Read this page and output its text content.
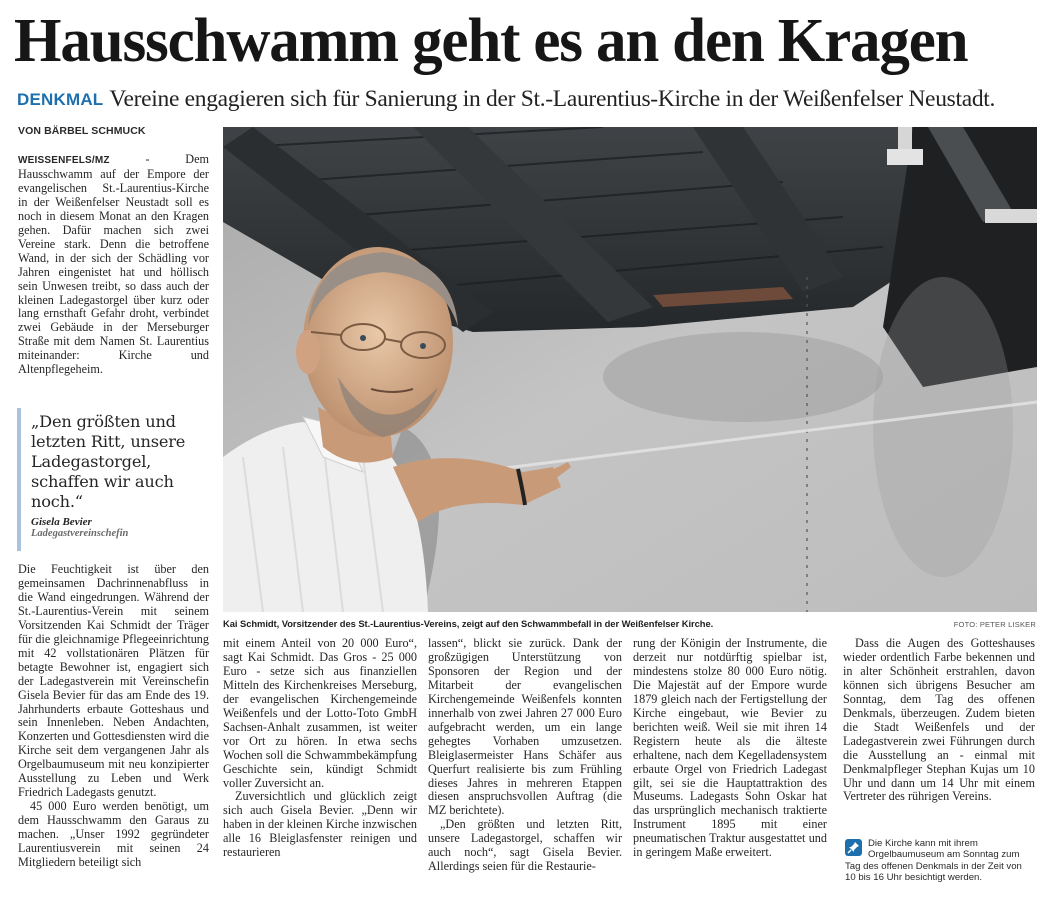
Hausschwamm geht es an den Kragen
DENKMAL Vereine engagieren sich für Sanierung in der St.-Laurentius-Kirche in der Weißenfelser Neustadt.
VON BÄRBEL SCHMUCK

WEISSENFELS/MZ - Dem Hausschwamm auf der Empore der evangelischen St.-Laurentius-Kirche in der Weißenfelser Neustadt soll es noch in diesem Monat an den Kragen gehen. Dafür machen sich zwei Vereine stark. Denn die betroffene Wand, in der sich der Schädling vor Jahren eingenistet hat und höllisch sein Unwesen treibt, so dass auch der kleinen Ladegastorgel über kurz oder lang ernsthaft Gefahr droht, verbindet zwei Gebäude in der Merseburger Straße mit dem Namen St. Laurentius miteinander: Kirche und Altenpflegeheim.

„Den größten und letzten Ritt, unsere Ladegastorgel, schaffen wir auch noch.“
Gisela Bevier
Ladegastvereinschefin

Die Feuchtigkeit ist über den gemeinsamen Dachrinnenabfluss in die Wand eingedrungen. Während der St.-Laurentius-Verein mit seinem Vorsitzenden Kai Schmidt der Träger für die gleichnamige Pflegeeinrichtung mit 42 vollstationären Plätzen für betagte Bewohner ist, engagiert sich der Ladegastverein mit Vereinschefin Gisela Bevier für das am Ende des 19. Jahrhunderts erbaute Gotteshaus und sein Innenleben. Neben Andachten, Konzerten und Gottesdiensten wird die Kirche seit dem vergangenen Jahr als Orgelbaumuseum mit neu konzipierter Ausstellung zu Leben und Werk Friedrich Ladegasts genutzt.

45 000 Euro werden benötigt, um dem Hausschwamm den Garaus zu machen. „Unser 1992 gegründeter Laurentiusverein mit seinen 24 Mitgliedern beteiligt sich

Kai Schmidt, Vorsitzender des St.-Laurentius-Vereins, zeigt auf den Schwammbefall in der Weißenfelser Kirche.	FOTO: PETER LISKER

mit einem Anteil von 20 000 Euro“, sagt Kai Schmidt. Das Gros - 25 000 Euro - setze sich aus finanziellen Mitteln des Kirchenkreises Merseburg, der evangelischen Kirchengemeinde Weißenfels und der Lotto-Toto GmbH Sachsen-Anhalt zusammen, ist weiter vor Ort zu hören. In etwa sechs Wochen soll die Schwammbekämpfung Geschichte sein, kündigt Schmidt voller Zuversicht an.

Zuversichtlich und glücklich zeigt sich auch Gisela Bevier. „Denn wir haben in der kleinen Kirche inzwischen alle 16 Bleiglasfenster reinigen und restaurieren

lassen“, blickt sie zurück. Dank der großzügigen Unterstützung von Sponsoren der Region und der Mitarbeit der evangelischen Kirchengemeinde Weißenfels konnten innerhalb von zwei Jahren 27 000 Euro aufgebracht werden, um ein lange gehegtes Vorhaben umzusetzen. Bleiglasermeister Hans Schäfer aus Querfurt realisierte bis zum Frühling dieses Jahres in mehreren Etappen diesen anspruchsvollen Auftrag (die MZ berichtete).

„Den größten und letzten Ritt, unsere Ladegastorgel, schaffen wir auch noch“, sagt Gisela Bevier. Allerdings seien für die Restaurie-

rung der Königin der Instrumente, die derzeit nur notdürftig spielbar ist, mindestens stolze 80 000 Euro nötig. Die Majestät auf der Empore wurde 1879 gleich nach der Fertigstellung der Kirche eingebaut, wie Bevier zu berichten weiß. Weil sie mit ihren 14 Registern heute als die älteste erhaltene, nach dem Kegelladensystem erbaute Orgel von Friedrich Ladegast gilt, sei sie die Hauptattraktion des Museums. Ladegasts Sohn Oskar hat das ursprünglich mechanisch traktierte Instrument 1895 mit einer pneumatischen Traktur ausgestattet und in geringem Maße erweitert.

Dass die Augen des Gotteshauses wieder ordentlich Farbe bekennen und in alter Schönheit erstrahlen, davon können sich übrigens Besucher am Sonntag, dem Tag des offenen Denkmals, überzeugen. Zudem bieten die Stadt Weißenfels und der Ladegastverein zwei Führungen durch die Ausstellung an - einmal mit Denkmalpfleger Stephan Kujas um 10 Uhr und dann um 14 Uhr mit einem Vertreter des rührigen Vereins.

Die Kirche kann mit ihrem Orgelbaumuseum am Sonntag zum Tag des offenen Denkmals in der Zeit von 10 bis 16 Uhr besichtigt werden.
